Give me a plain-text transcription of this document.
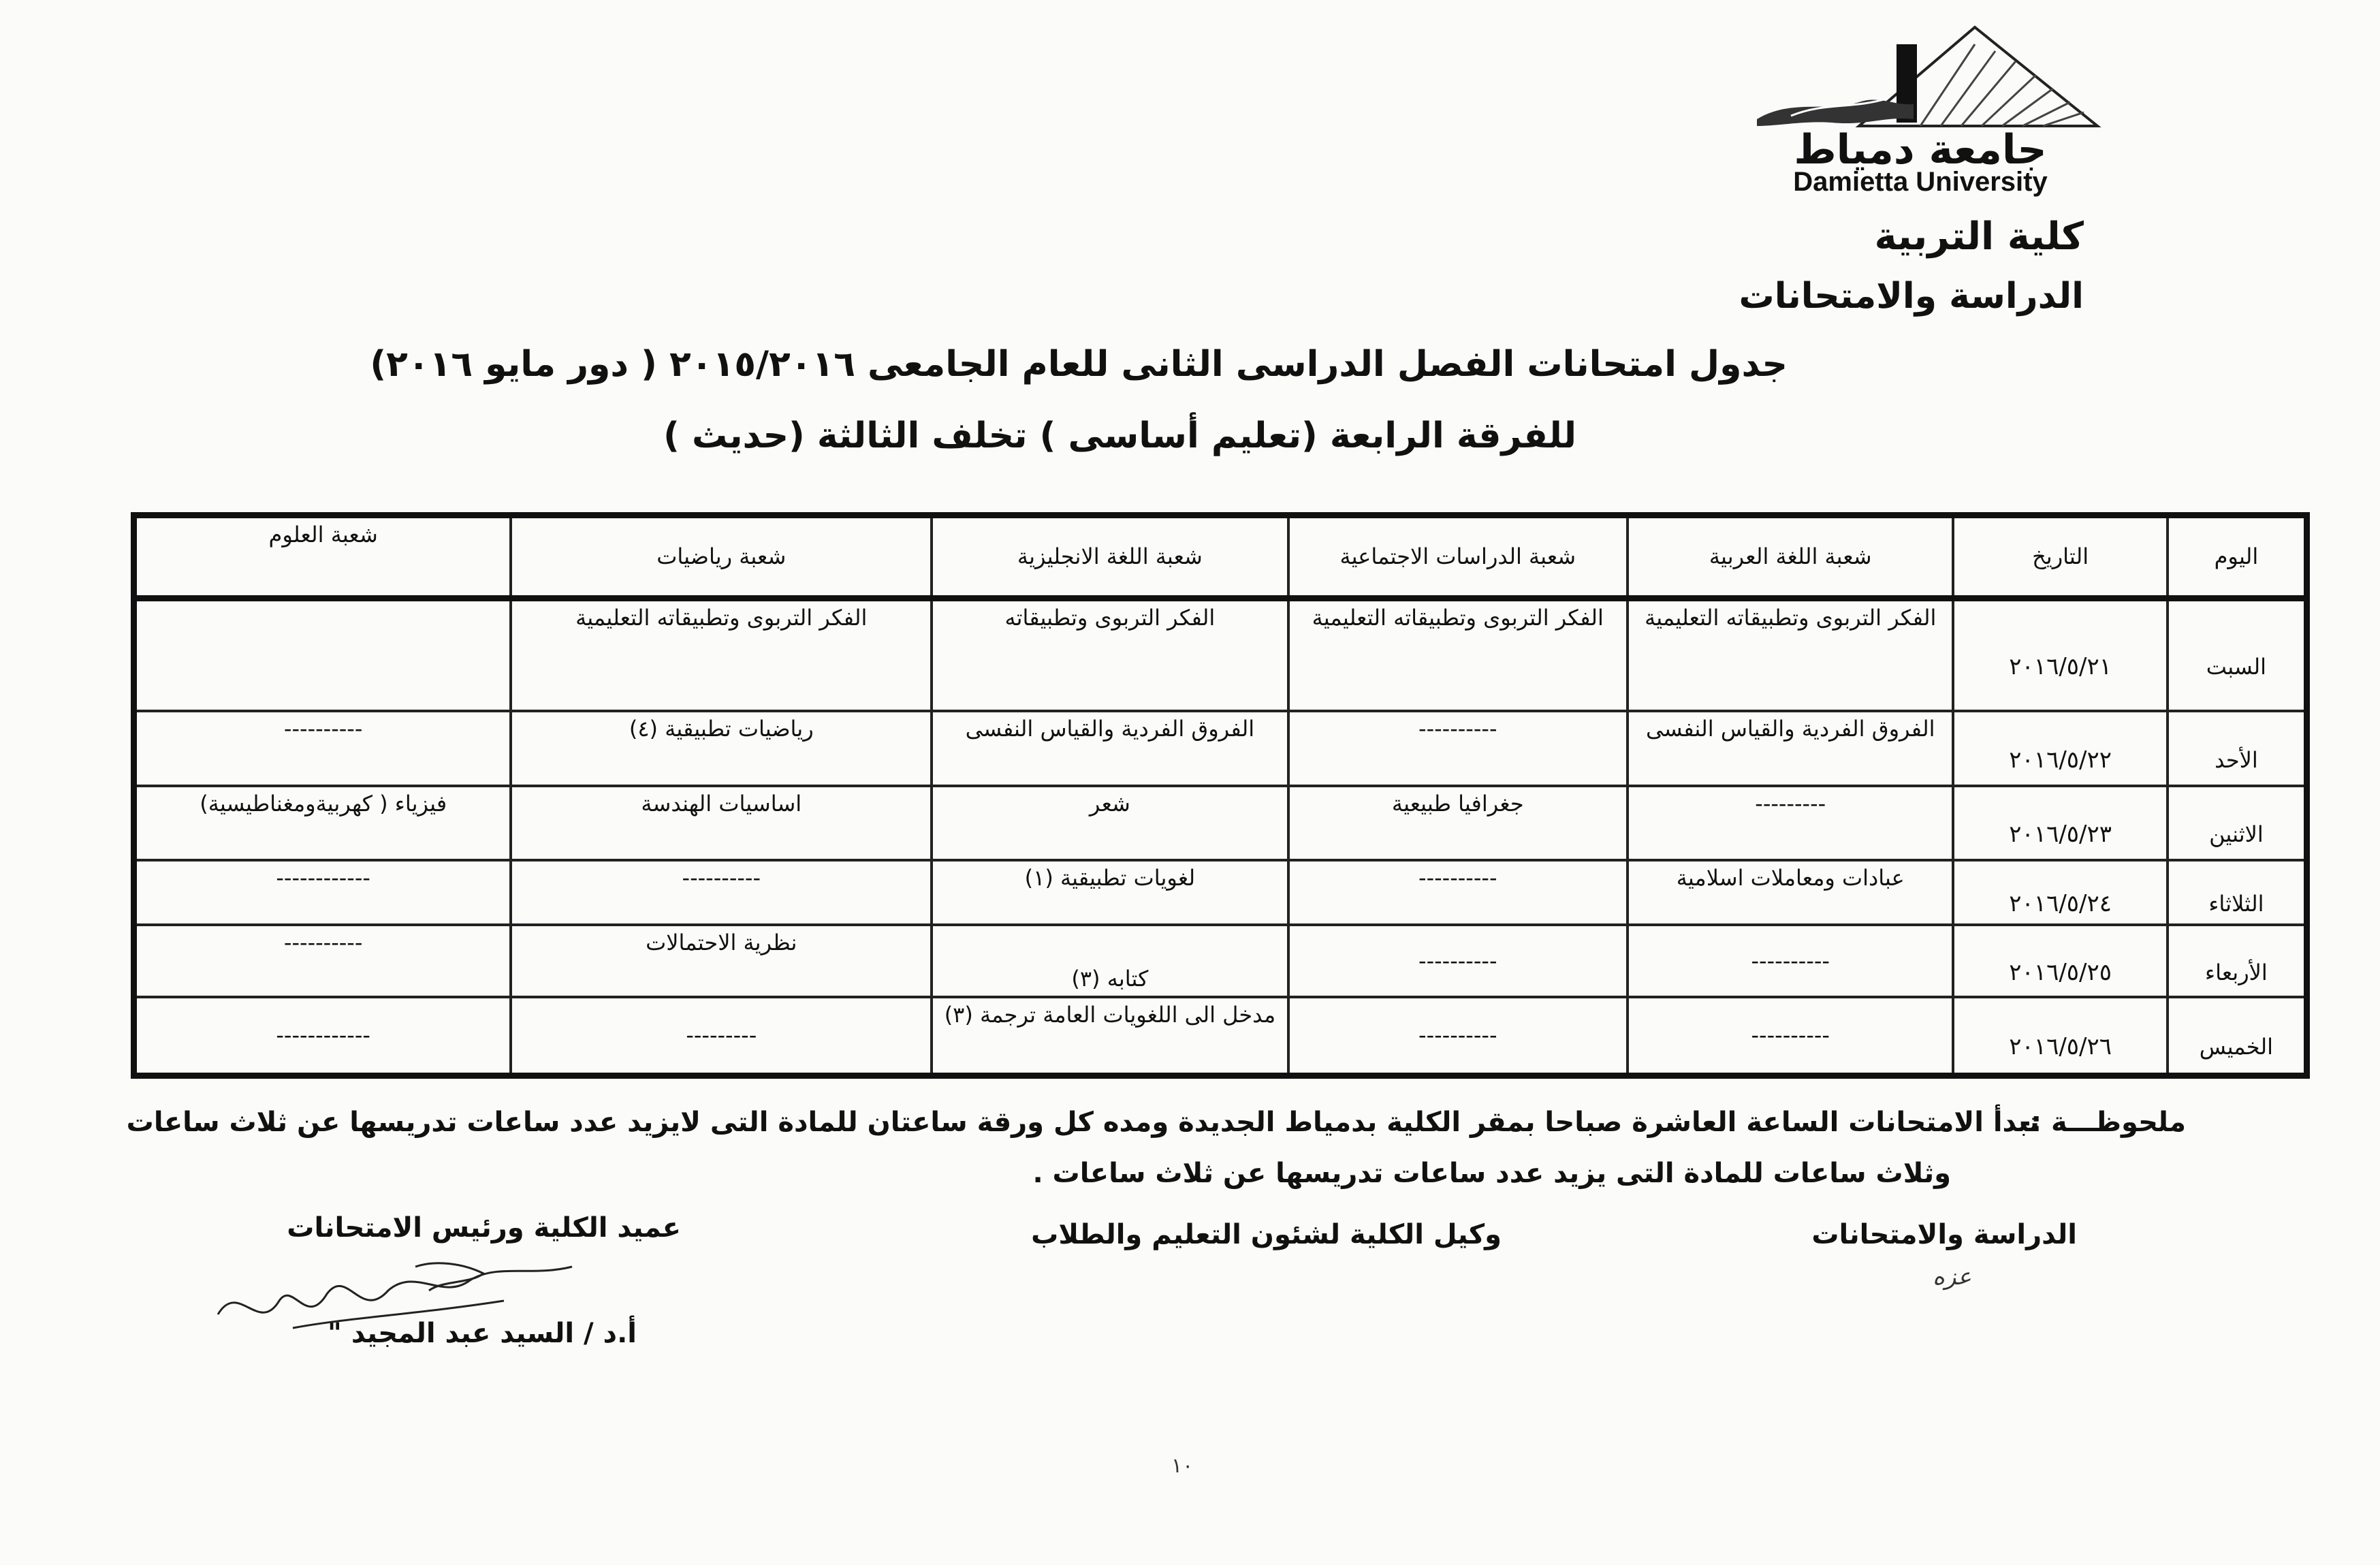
جامعة دمياط
Damietta University
كلية التربية
الدراسة والامتحانات
جدول امتحانات الفصل الدراسى الثانى للعام الجامعى ٢٠١٥/٢٠١٦ ( دور مايو ٢٠١٦)
للفرقة الرابعة (تعليم أساسى ) تخلف الثالثة (حديث )
اليوم	التاريخ	شعبة اللغة العربية	شعبة الدراسات الاجتماعية	شعبة اللغة الانجليزية	شعبة رياضيات	شعبة العلوم
السبت	٢٠١٦/٥/٢١	الفكر التربوى وتطبيقاته التعليمية	الفكر التربوى وتطبيقاته التعليمية	الفكر التربوى وتطبيقاته	الفكر التربوى وتطبيقاته التعليمية	
الأحد	٢٠١٦/٥/٢٢	الفروق الفردية والقياس النفسى	----------	الفروق الفردية والقياس النفسى	رياضيات تطبيقية (٤)	----------
الاثنين	٢٠١٦/٥/٢٣	---------	جغرافيا طبيعية	شعر	اساسيات الهندسة	فيزياء ( كهربيةومغناطيسية)
الثلاثاء	٢٠١٦/٥/٢٤	عبادات ومعاملات اسلامية	----------	لغويات تطبيقية (١)	----------	------------
الأربعاء	٢٠١٦/٥/٢٥	----------	----------	كتابه (٣)	نظرية الاحتمالات	----------
الخميس	٢٠١٦/٥/٢٦	----------	----------	مدخل الى اللغويات العامة ترجمة (٣)	---------	------------
ملحوظـــة :-
تبدأ الامتحانات الساعة العاشرة صباحا بمقر الكلية بدمياط الجديدة ومده كل ورقة ساعتان للمادة التى لايزيد عدد ساعات تدريسها عن ثلاث ساعات
وثلاث ساعات للمادة التى يزيد عدد ساعات تدريسها عن ثلاث ساعات .
الدراسة والامتحانات
عزه
وكيل الكلية لشئون التعليم والطلاب
عميد الكلية ورئيس الامتحانات
أ.د / السيد عبد المجيد "
١٠
